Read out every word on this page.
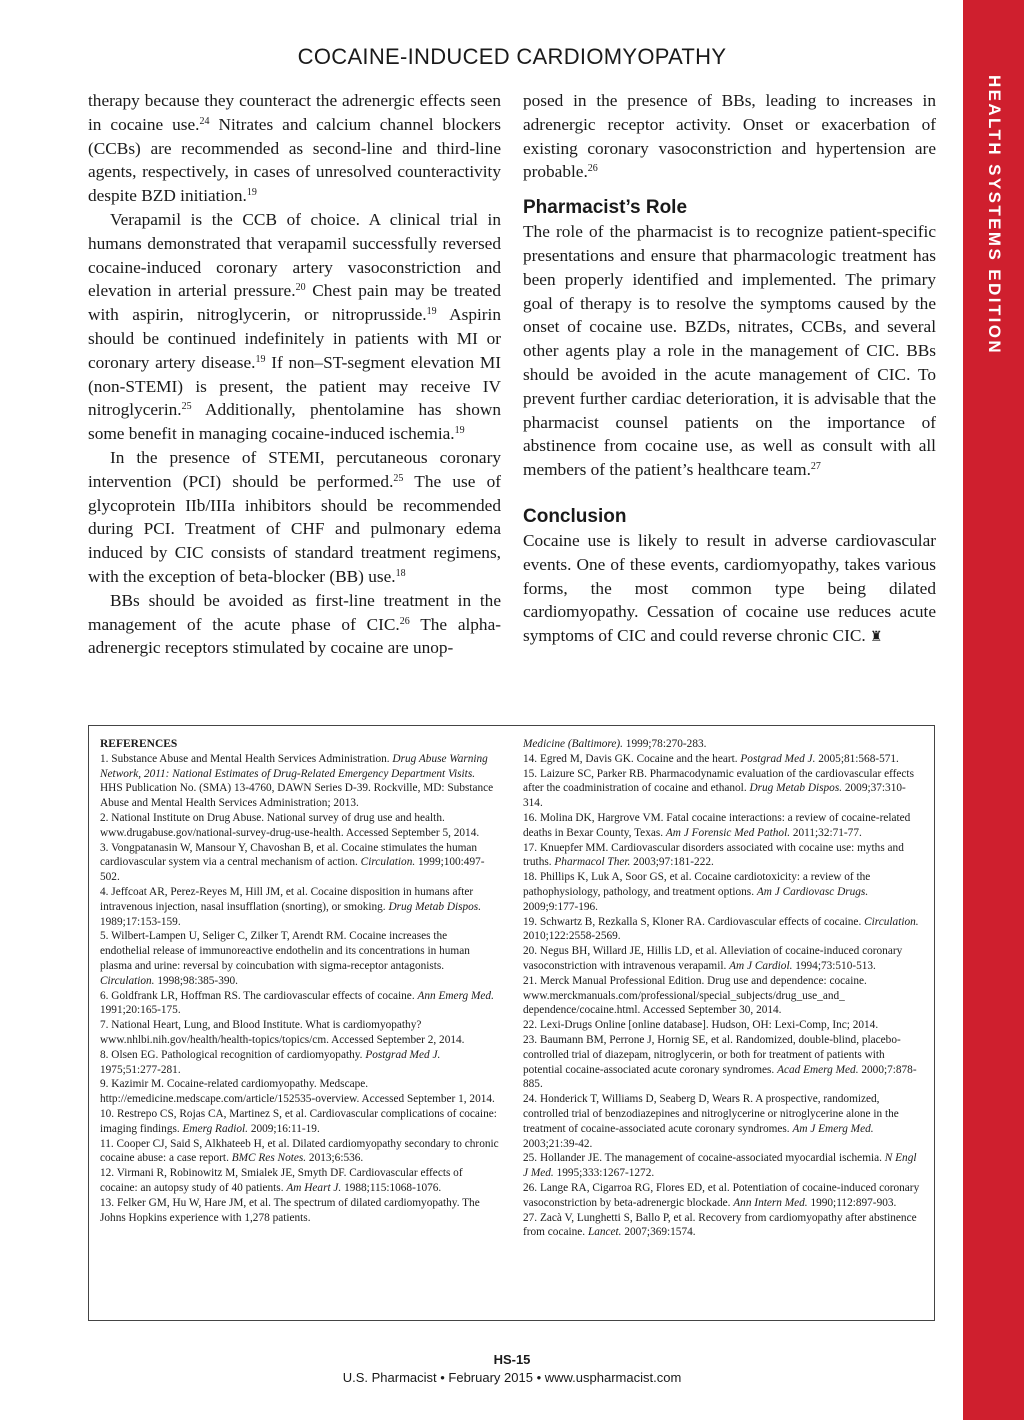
HEALTH SYSTEMS EDITION
COCAINE-INDUCED CARDIOMYOPATHY

therapy because they counteract the adrenergic effects seen in cocaine use.$^{24}$ Nitrates and calcium channel blockers (CCBs) are recommended as second-line and third-line agents, respectively, in cases of unresolved counteractivity despite BZD initiation.$^{19}$

Verapamil is the CCB of choice. A clinical trial in humans demonstrated that verapamil successfully reversed cocaine-induced coronary artery vasoconstriction and elevation in arterial pressure.$^{20}$ Chest pain may be treated with aspirin, nitroglycerin, or nitroprusside.$^{19}$ Aspirin should be continued indefinitely in patients with MI or coronary artery disease.$^{19}$ If non–ST-segment elevation MI (non-STEMI) is present, the patient may receive IV nitroglycerin.$^{25}$ Additionally, phentolamine has shown some benefit in managing cocaine-induced ischemia.$^{19}$

In the presence of STEMI, percutaneous coronary intervention (PCI) should be performed.$^{25}$ The use of glycoprotein IIb/IIIa inhibitors should be recommended during PCI. Treatment of CHF and pulmonary edema induced by CIC consists of standard treatment regimens, with the exception of beta-blocker (BB) use.$^{18}$

BBs should be avoided as first-line treatment in the management of the acute phase of CIC.$^{26}$ The alpha-adrenergic receptors stimulated by cocaine are unop-

posed in the presence of BBs, leading to increases in adrenergic receptor activity. Onset or exacerbation of existing coronary vasoconstriction and hypertension are probable.$^{26}$

Pharmacist’s Role

The role of the pharmacist is to recognize patient-specific presentations and ensure that pharmacologic treatment has been properly identified and implemented. The primary goal of therapy is to resolve the symptoms caused by the onset of cocaine use. BZDs, nitrates, CCBs, and several other agents play a role in the management of CIC. BBs should be avoided in the acute management of CIC. To prevent further cardiac deterioration, it is advisable that the pharmacist counsel patients on the importance of abstinence from cocaine use, as well as consult with all members of the patient’s healthcare team.$^{27}$

Conclusion

Cocaine use is likely to result in adverse cardiovascular events. One of these events, cardiomyopathy, takes various forms, the most common type being dilated cardiomyopathy. Cessation of cocaine use reduces acute symptoms of CIC and could reverse chronic CIC. ♜

REFERENCES
1. Substance Abuse and Mental Health Services Administration. Drug Abuse Warning Network, 2011: National Estimates of Drug-Related Emergency Department Visits. HHS Publication No. (SMA) 13-4760, DAWN Series D-39. Rockville, MD: Substance Abuse and Mental Health Services Administration; 2013.
2. National Institute on Drug Abuse. National survey of drug use and health. www.drugabuse.gov/national-survey-drug-use-health. Accessed September 5, 2014.
3. Vongpatanasin W, Mansour Y, Chavoshan B, et al. Cocaine stimulates the human cardiovascular system via a central mechanism of action. Circulation. 1999;100:497-502.
4. Jeffcoat AR, Perez-Reyes M, Hill JM, et al. Cocaine disposition in humans after intravenous injection, nasal insufflation (snorting), or smoking. Drug Metab Dispos. 1989;17:153-159.
5. Wilbert-Lampen U, Seliger C, Zilker T, Arendt RM. Cocaine increases the endothelial release of immunoreactive endothelin and its concentrations in human plasma and urine: reversal by coincubation with sigma-receptor antagonists. Circulation. 1998;98:385-390.
6. Goldfrank LR, Hoffman RS. The cardiovascular effects of cocaine. Ann Emerg Med. 1991;20:165-175.
7. National Heart, Lung, and Blood Institute. What is cardiomyopathy? www.nhlbi.nih.gov/health/health-topics/topics/cm. Accessed September 2, 2014.
8. Olsen EG. Pathological recognition of cardiomyopathy. Postgrad Med J. 1975;51:277-281.
9. Kazimir M. Cocaine-related cardiomyopathy. Medscape. http://emedicine.medscape.com/article/152535-overview. Accessed September 1, 2014.
10. Restrepo CS, Rojas CA, Martinez S, et al. Cardiovascular complications of cocaine: imaging findings. Emerg Radiol. 2009;16:11-19.
11. Cooper CJ, Said S, Alkhateeb H, et al. Dilated cardiomyopathy secondary to chronic cocaine abuse: a case report. BMC Res Notes. 2013;6:536.
12. Virmani R, Robinowitz M, Smialek JE, Smyth DF. Cardiovascular effects of cocaine: an autopsy study of 40 patients. Am Heart J. 1988;115:1068-1076.
13. Felker GM, Hu W, Hare JM, et al. The spectrum of dilated cardiomyopathy. The Johns Hopkins experience with 1,278 patients.
Medicine (Baltimore). 1999;78:270-283.
14. Egred M, Davis GK. Cocaine and the heart. Postgrad Med J. 2005;81:568-571.
15. Laizure SC, Parker RB. Pharmacodynamic evaluation of the cardiovascular effects after the coadministration of cocaine and ethanol. Drug Metab Dispos. 2009;37:310-314.
16. Molina DK, Hargrove VM. Fatal cocaine interactions: a review of cocaine-related deaths in Bexar County, Texas. Am J Forensic Med Pathol. 2011;32:71-77.
17. Knuepfer MM. Cardiovascular disorders associated with cocaine use: myths and truths. Pharmacol Ther. 2003;97:181-222.
18. Phillips K, Luk A, Soor GS, et al. Cocaine cardiotoxicity: a review of the pathophysiology, pathology, and treatment options. Am J Cardiovasc Drugs. 2009;9:177-196.
19. Schwartz B, Rezkalla S, Kloner RA. Cardiovascular effects of cocaine. Circulation. 2010;122:2558-2569.
20. Negus BH, Willard JE, Hillis LD, et al. Alleviation of cocaine-induced coronary vasoconstriction with intravenous verapamil. Am J Cardiol. 1994;73:510-513.
21. Merck Manual Professional Edition. Drug use and dependence: cocaine. www.merckmanuals.com/professional/special_subjects/drug_use_and_ dependence/cocaine.html. Accessed September 30, 2014.
22. Lexi-Drugs Online [online database]. Hudson, OH: Lexi-Comp, Inc; 2014.
23. Baumann BM, Perrone J, Hornig SE, et al. Randomized, double-blind, placebo-controlled trial of diazepam, nitroglycerin, or both for treatment of patients with potential cocaine-associated acute coronary syndromes. Acad Emerg Med. 2000;7:878-885.
24. Honderick T, Williams D, Seaberg D, Wears R. A prospective, randomized, controlled trial of benzodiazepines and nitroglycerine or nitroglycerine alone in the treatment of cocaine-associated acute coronary syndromes. Am J Emerg Med. 2003;21:39-42.
25. Hollander JE. The management of cocaine-associated myocardial ischemia. N Engl J Med. 1995;333:1267-1272.
26. Lange RA, Cigarroa RG, Flores ED, et al. Potentiation of cocaine-induced coronary vasoconstriction by beta-adrenergic blockade. Ann Intern Med. 1990;112:897-903.
27. Zacà V, Lunghetti S, Ballo P, et al. Recovery from cardiomyopathy after abstinence from cocaine. Lancet. 2007;369:1574.
HS-15
U.S. Pharmacist • February 2015 • www.uspharmacist.com
